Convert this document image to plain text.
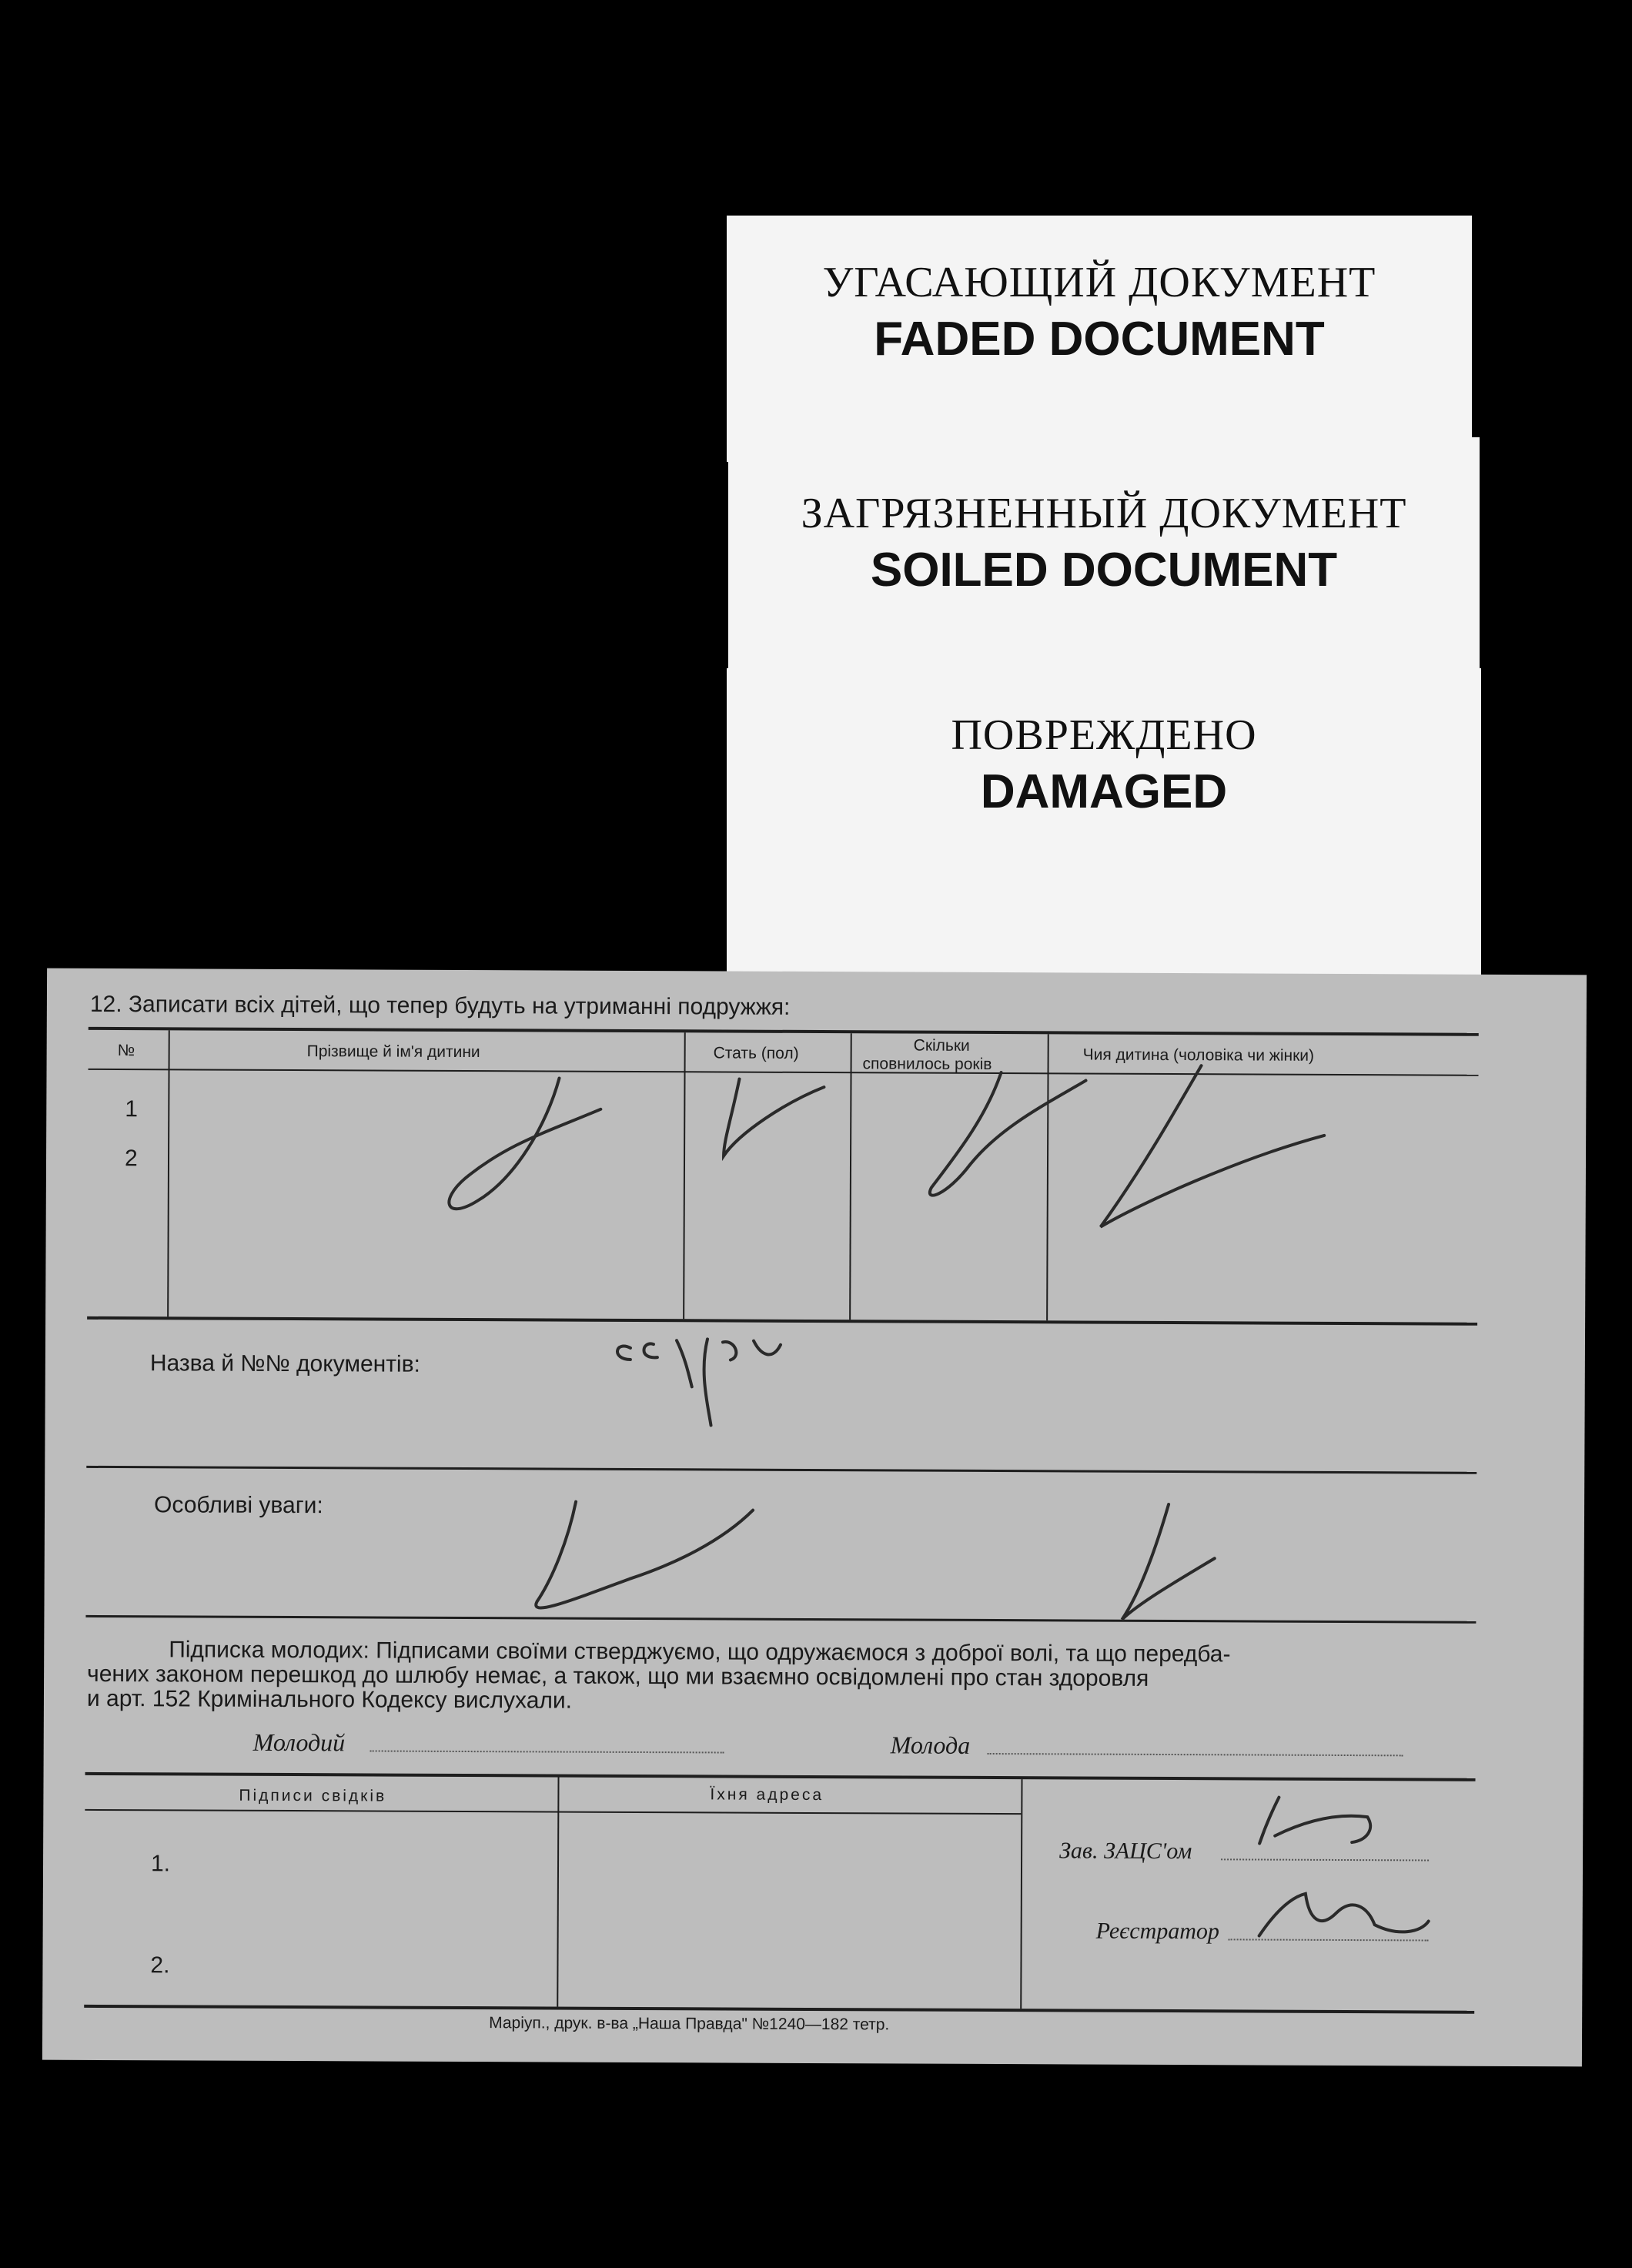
УГАСАЮЩИЙ ДОКУМЕНТ
FADED DOCUMENT
ЗАГРЯЗНЕННЫЙ ДОКУМЕНТ
SOILED DOCUMENT
ПОВРЕЖДЕНО
DAMAGED
12. Записати всіх дітей, що тепер будуть на утриманні подружжя:
№	Прізвище й ім'я дитини	Стать (пол)	Скільки
сповнилось років	Чия дитина (чоловіка чи жінки)
1
2
Назва й №№ документів:
Особливі уваги:
Підписка молодих: Підписами своїми стверджуємо, що одружаємося з доброї волі, та що передба-
чених законом перешкод до шлюбу немає, а також, що ми взаємно освідомлені про стан здоровля
и арт. 152 Кримінального Кодексу вислухали.
Молодий	Молода
Підписи свідків	Їхня адреса
1.
2.
Зав. ЗАЦС'ом
Реєстратор
Маріуп., друк. в-ва „Наша Правда" №1240—182 тетр.
